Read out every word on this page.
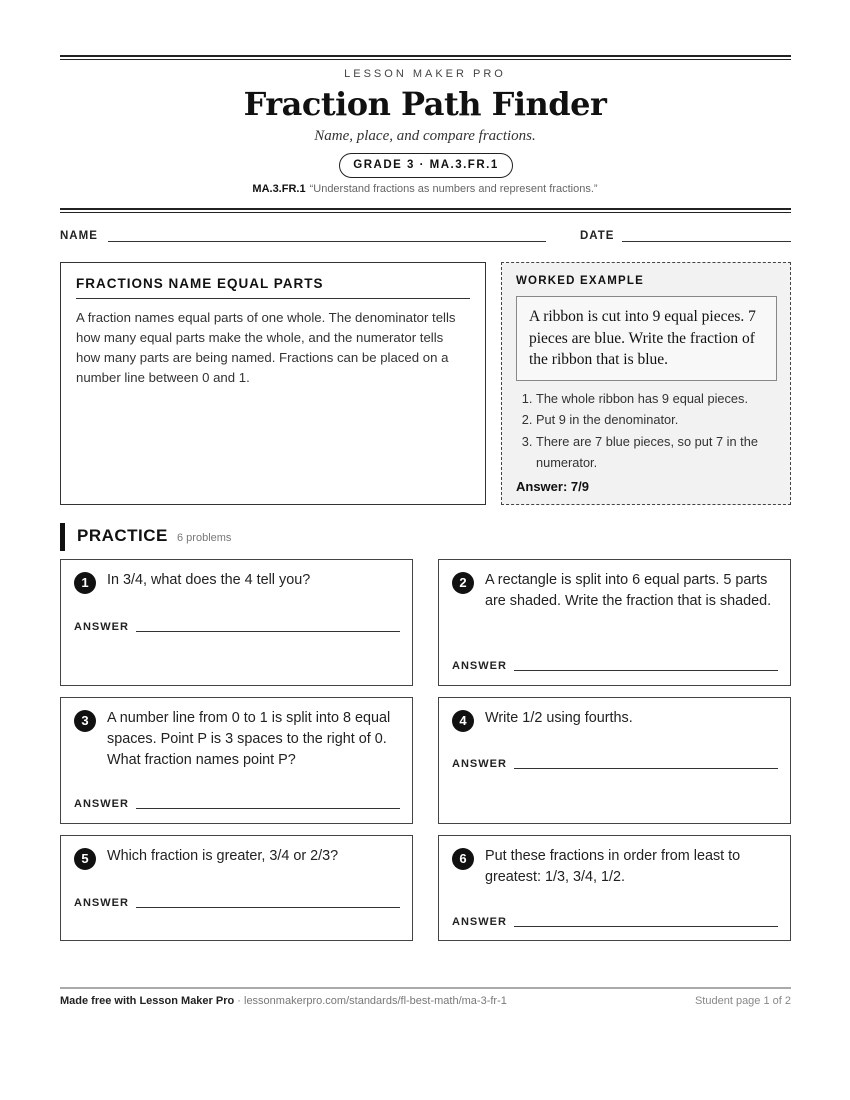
LESSON MAKER PRO
Fraction Path Finder
Name, place, and compare fractions.
GRADE 3 · MA.3.FR.1
MA.3.FR.1 “Understand fractions as numbers and represent fractions.”
NAME	DATE
FRACTIONS NAME EQUAL PARTS

A fraction names equal parts of one whole. The denominator tells how many equal parts make the whole, and the numerator tells how many parts are being named. Fractions can be placed on a number line between 0 and 1.

WORKED EXAMPLE
A ribbon is cut into 9 equal pieces. 7 pieces are blue. Write the fraction of the ribbon that is blue.
1. The whole ribbon has 9 equal pieces.
2. Put 9 in the denominator.
3. There are 7 blue pieces, so put 7 in the numerator.
Answer: 7/9
PRACTICE 6 problems
1	In 3/4, what does the 4 tell you?
ANSWER
2	A rectangle is split into 6 equal parts. 5 parts are shaded. Write the fraction that is shaded.
ANSWER
3	A number line from 0 to 1 is split into 8 equal spaces. Point P is 3 spaces to the right of 0. What fraction names point P?
ANSWER
4	Write 1/2 using fourths.
ANSWER
5	Which fraction is greater, 3/4 or 2/3?
ANSWER
6	Put these fractions in order from least to greatest: 1/3, 3/4, 1/2.
ANSWER
Made free with Lesson Maker Pro · lessonmakerpro.com/standards/fl-best-math/ma-3-fr-1	Student page 1 of 2
